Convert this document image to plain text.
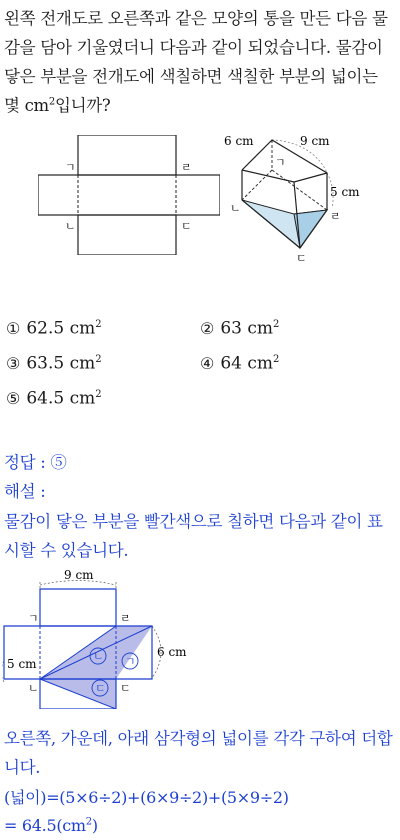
왼쪽 전개도로 오른쪽과 같은 모양의 통을 만든 다음 물감을 담아 기울였더니 다음과 같이 되었습니다. 물감이 닿은 부분을 전개도에 색칠하면 색칠한 부분의 넓이는 몇 $cm^2$입니까?
ㄱ	ㄹ
ㄴ	ㄷ
6 cm	9 cm
5 cm
ㄱ
ㄴ
ㄹ
ㄷ
① 62.5 $cm^2$	② 63 $cm^2$
③ 63.5 $cm^2$	④ 64 $cm^2$
⑤ 64.5 $cm^2$
정답 : ⑤
해설 :
물감이 닿은 부분을 빨간색으로 칠하면 다음과 같이 표시할 수 있습니다.
9 cm
ㄴ ㄱ
ㄷ
ㄱ	ㄹ
ㄴ	ㄷ
6 cm
5 cm
오른쪽, 가운데, 아래 삼각형의 넓이를 각각 구하여 더합니다.
(넓이)=(5×6÷2)+(6×9÷2)+(5×9÷2)
= $64.5(cm^2)$
